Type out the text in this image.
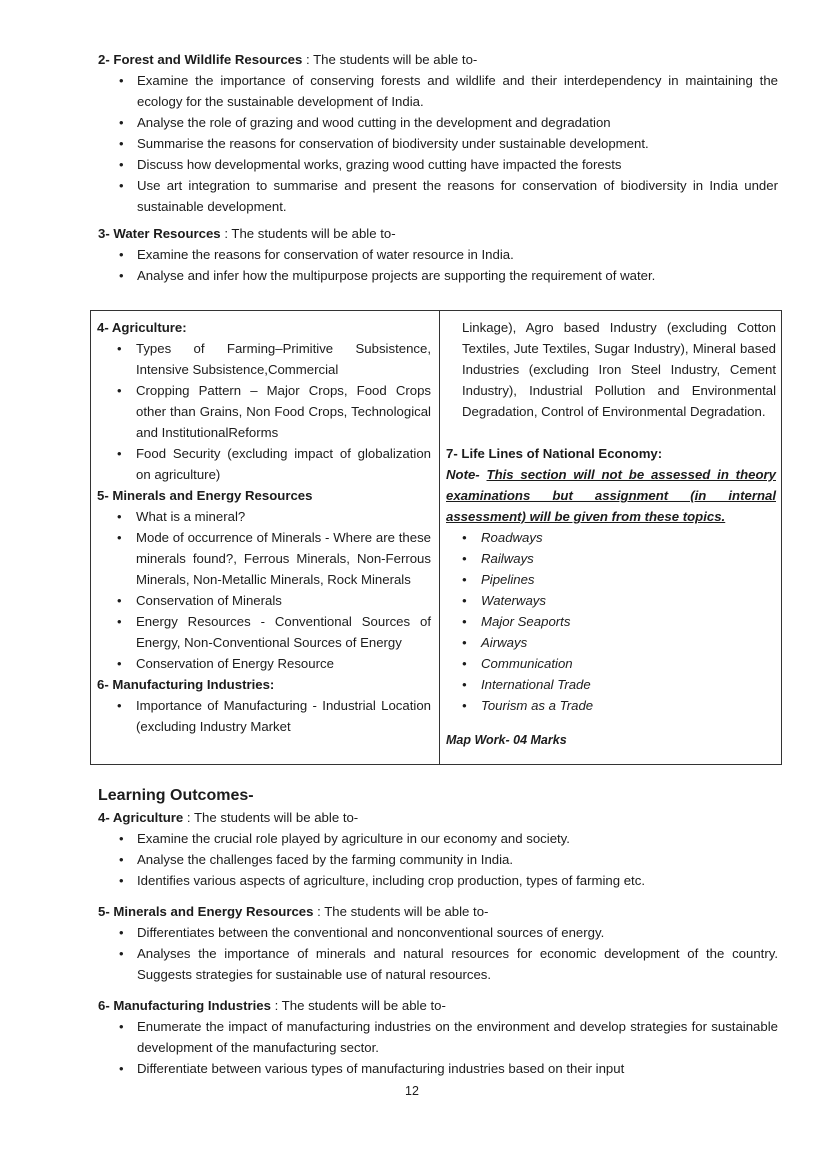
2- Forest and Wildlife Resources : The students will be able to-

• Examine the importance of conserving forests and wildlife and their interdependency in maintaining the ecology for the sustainable development of India.
• Analyse the role of grazing and wood cutting in the development and degradation
• Summarise the reasons for conservation of biodiversity under sustainable development.
• Discuss how developmental works, grazing wood cutting have impacted the forests
• Use art integration to summarise and present the reasons for conservation of biodiversity in India under sustainable development.

3- Water Resources : The students will be able to-

• Examine the reasons for conservation of water resource in India.
• Analyse and infer how the multipurpose projects are supporting the requirement of water.
4- Agriculture:
• Types of Farming–Primitive Subsistence, Intensive Subsistence,Commercial
• Cropping Pattern – Major Crops, Food Crops other than Grains, Non Food Crops, Technological and InstitutionalReforms
• Food Security (excluding impact of globalization on agriculture)
5- Minerals and Energy Resources
• What is a mineral?
• Mode of occurrence of Minerals - Where are these minerals found?, Ferrous Minerals, Non-Ferrous Minerals, Non-Metallic Minerals, Rock Minerals
• Conservation of Minerals
• Energy Resources - Conventional Sources of Energy, Non-Conventional Sources of Energy
• Conservation of Energy Resource
6- Manufacturing Industries:
• Importance of Manufacturing - Industrial Location (excluding Industry Market
Linkage), Agro based Industry (excluding Cotton Textiles, Jute Textiles, Sugar Industry), Mineral based Industries (excluding Iron Steel Industry, Cement Industry), Industrial Pollution and Environmental Degradation, Control of Environmental Degradation.
7- Life Lines of National Economy:
Note- This section will not be assessed in theory examinations but assignment (in internal assessment) will be given from these topics.
• Roadways
• Railways
• Pipelines
• Waterways
• Major Seaports
• Airways
• Communication
• International Trade
• Tourism as a Trade
Map Work- 04 Marks
Learning Outcomes-

4- Agriculture : The students will be able to-

• Examine the crucial role played by agriculture in our economy and society.
• Analyse the challenges faced by the farming community in India.
• Identifies various aspects of agriculture, including crop production, types of farming etc.

5- Minerals and Energy Resources : The students will be able to-

• Differentiates between the conventional and nonconventional sources of energy.
• Analyses the importance of minerals and natural resources for economic development of the country. Suggests strategies for sustainable use of natural resources.

6- Manufacturing Industries : The students will be able to-

• Enumerate the impact of manufacturing industries on the environment and develop strategies for sustainable development of the manufacturing sector.
• Differentiate between various types of manufacturing industries based on their input
12
